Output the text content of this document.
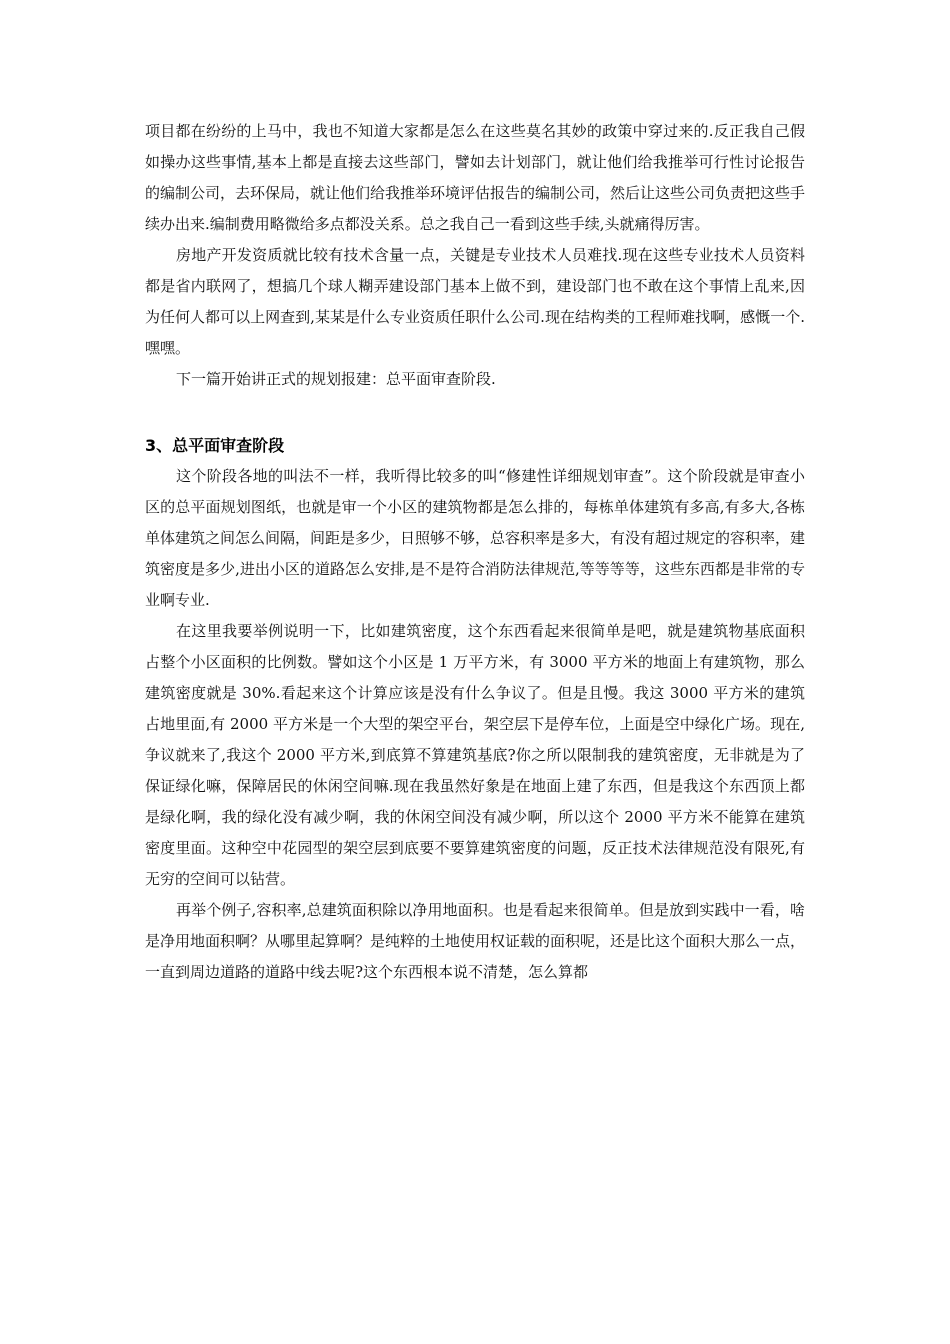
项目都在纷纷的上马中，我也不知道大家都是怎么在这些莫名其妙的政策中穿过来的.反正我自己假如操办这些事情,基本上都是直接去这些部门，譬如去计划部门，就让他们给我推举可行性讨论报告的编制公司，去环保局，就让他们给我推举环境评估报告的编制公司，然后让这些公司负责把这些手续办出来.编制费用略微给多点都没关系。总之我自己一看到这些手续,头就痛得厉害。

房地产开发资质就比较有技术含量一点，关键是专业技术人员难找.现在这些专业技术人员资料都是省内联网了，想搞几个球人糊弄建设部门基本上做不到，建设部门也不敢在这个事情上乱来,因为任何人都可以上网查到,某某是什么专业资质任职什么公司.现在结构类的工程师难找啊，感慨一个.嘿嘿。

下一篇开始讲正式的规划报建：总平面审查阶段.

3、总平面审查阶段

这个阶段各地的叫法不一样，我听得比较多的叫“修建性详细规划审查”。这个阶段就是审查小区的总平面规划图纸，也就是审一个小区的建筑物都是怎么排的，每栋单体建筑有多高,有多大,各栋单体建筑之间怎么间隔，间距是多少，日照够不够，总容积率是多大，有没有超过规定的容积率，建筑密度是多少,进出小区的道路怎么安排,是不是符合消防法律规范,等等等等，这些东西都是非常的专业啊专业.

在这里我要举例说明一下，比如建筑密度，这个东西看起来很简单是吧，就是建筑物基底面积占整个小区面积的比例数。譬如这个小区是 1 万平方米，有 3000 平方米的地面上有建筑物，那么建筑密度就是 30%.看起来这个计算应该是没有什么争议了。但是且慢。我这 3000 平方米的建筑占地里面,有 2000 平方米是一个大型的架空平台，架空层下是停车位，上面是空中绿化广场。现在,争议就来了,我这个 2000 平方米,到底算不算建筑基底?你之所以限制我的建筑密度，无非就是为了保证绿化嘛，保障居民的休闲空间嘛.现在我虽然好象是在地面上建了东西，但是我这个东西顶上都是绿化啊，我的绿化没有减少啊，我的休闲空间没有减少啊，所以这个 2000 平方米不能算在建筑密度里面。这种空中花园型的架空层到底要不要算建筑密度的问题，反正技术法律规范没有限死,有无穷的空间可以钻营。

再举个例子,容积率,总建筑面积除以净用地面积。也是看起来很简单。但是放到实践中一看，啥是净用地面积啊？从哪里起算啊？是纯粹的土地使用权证载的面积呢，还是比这个面积大那么一点，一直到周边道路的道路中线去呢?这个东西根本说不清楚，怎么算都
